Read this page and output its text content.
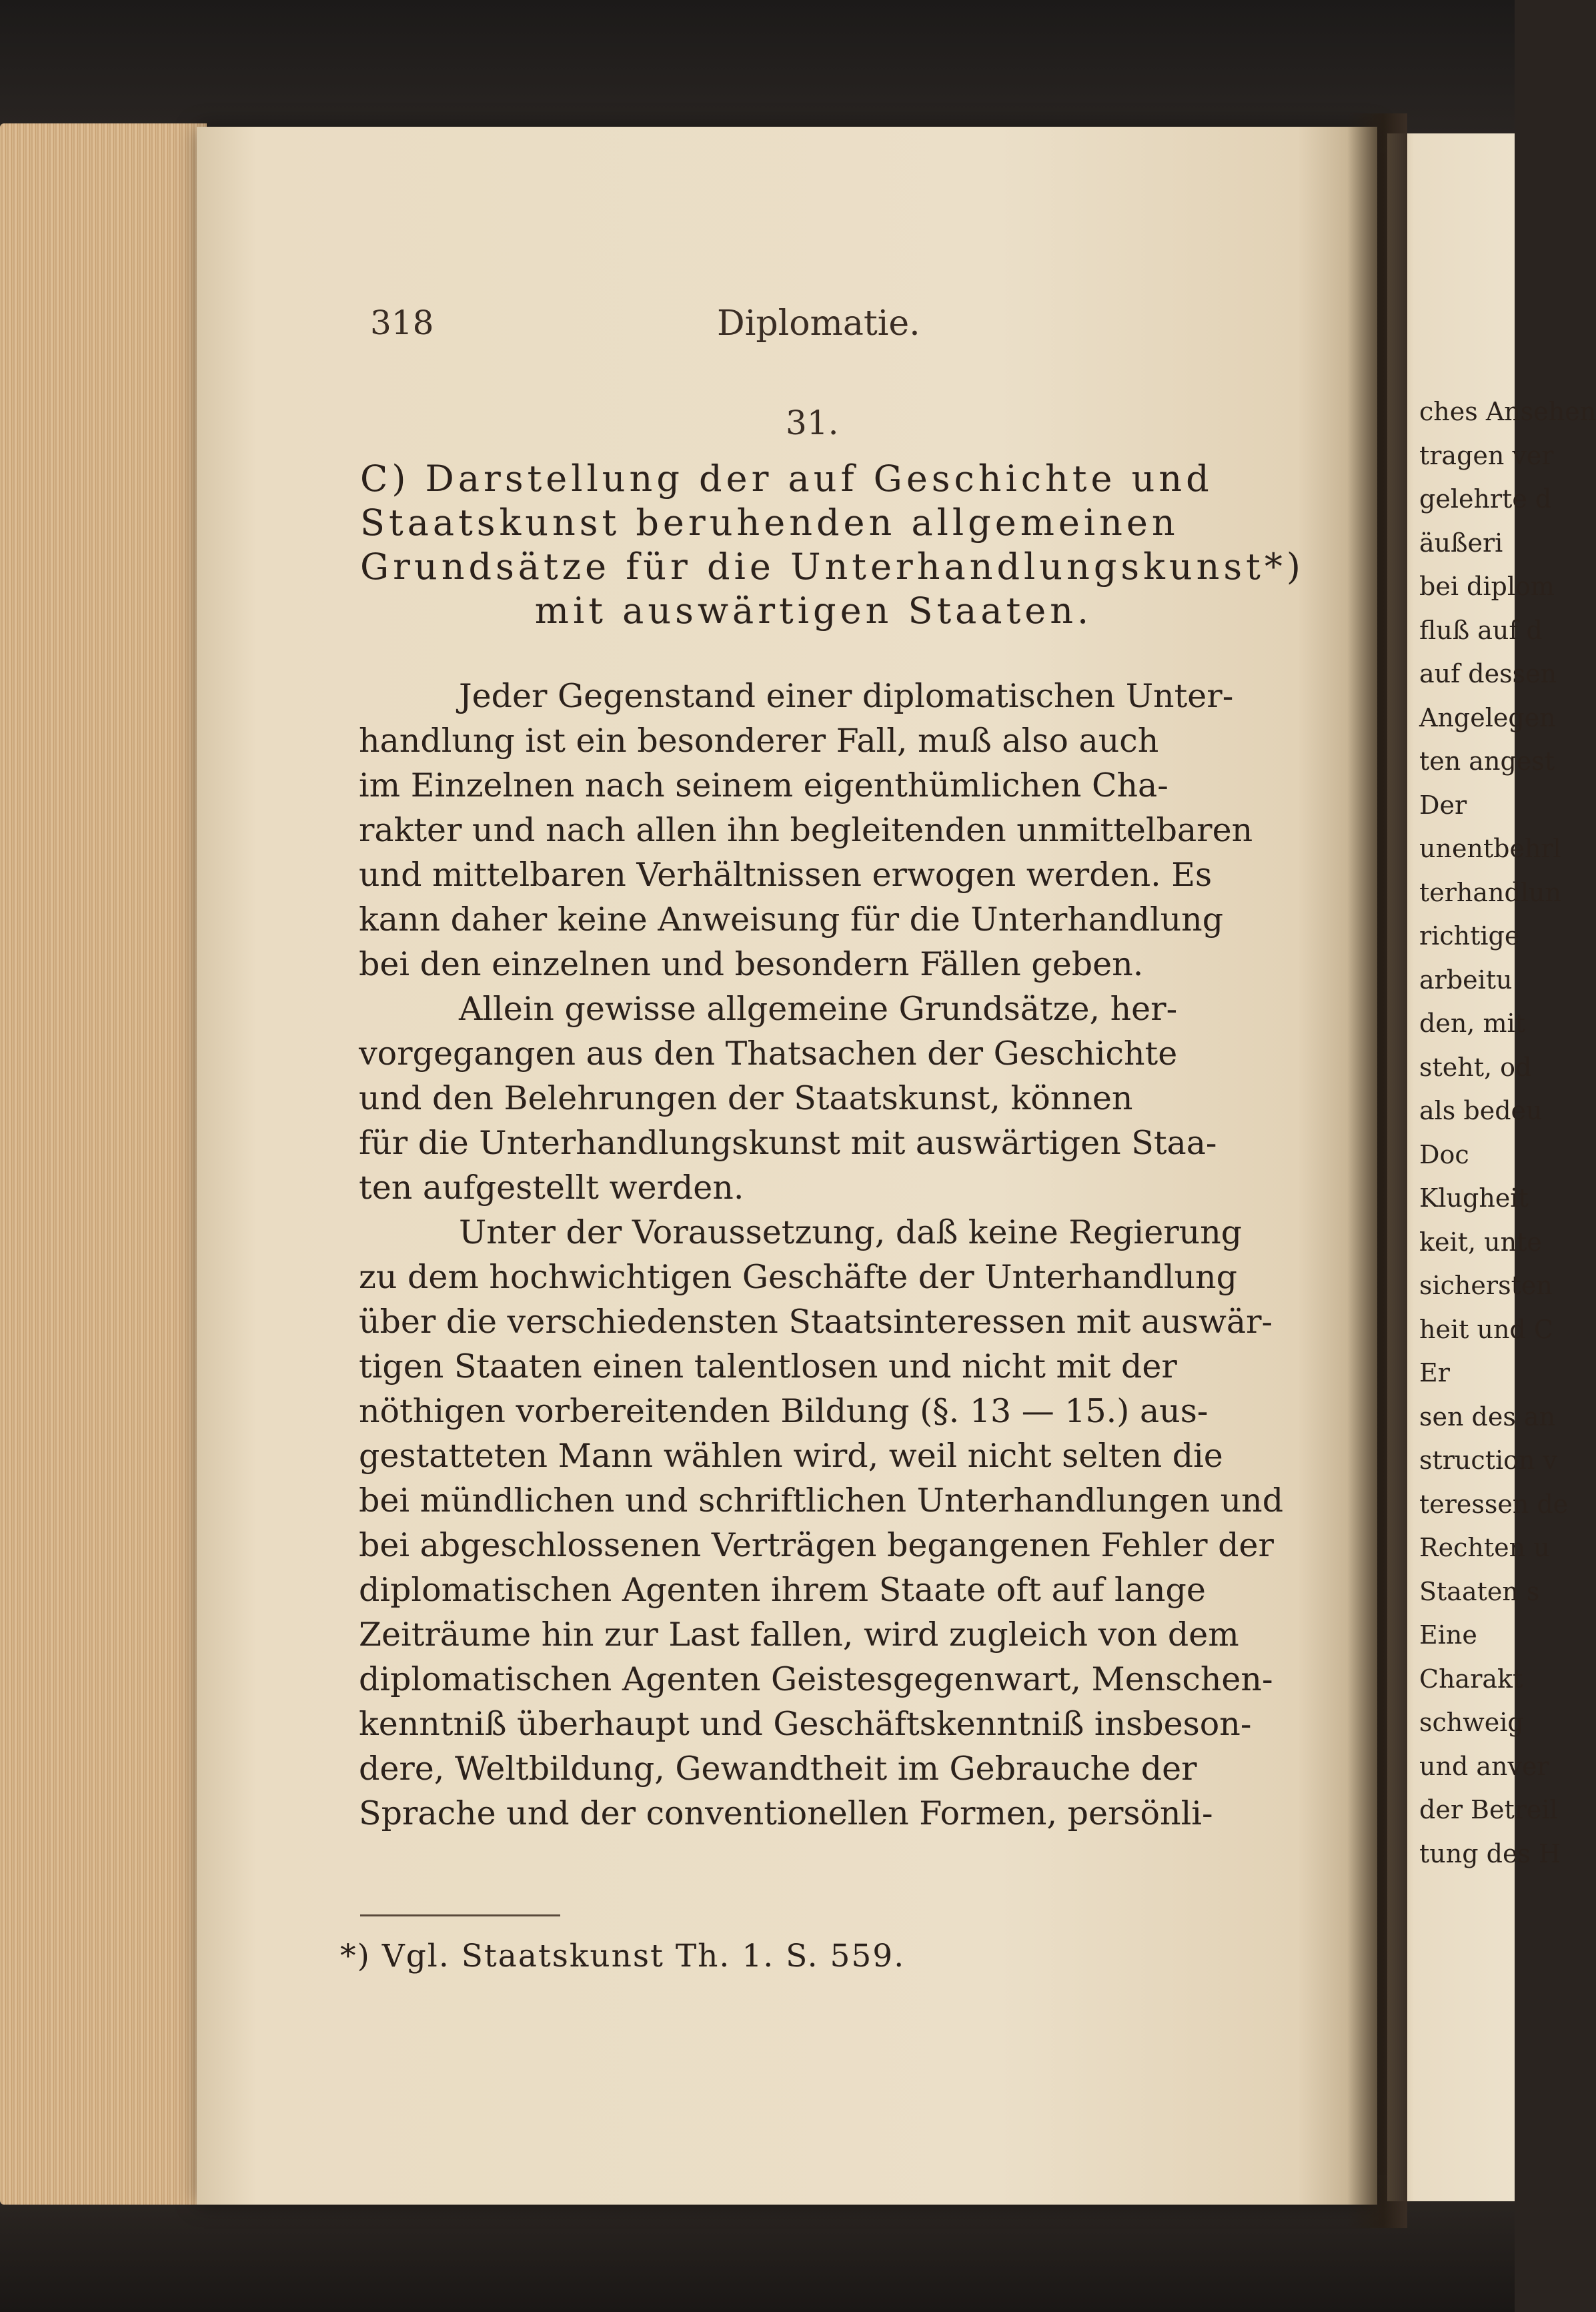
318	Diplomatie.
31.
C) Darstellung der auf Geschichte und
Staatskunst beruhenden allgemeinen
Grundsätze für die Unterhandlungskunst*)
mit auswärtigen Staaten.
Jeder Gegenstand einer diplomatischen Unter-
handlung ist ein besonderer Fall, muß also auch
im Einzelnen nach seinem eigenthümlichen Cha-
rakter und nach allen ihn begleitenden unmittelbaren
und mittelbaren Verhältnissen erwogen werden. Es
kann daher keine Anweisung für die Unterhandlung
bei den einzelnen und besondern Fällen geben.
Allein gewisse allgemeine Grundsätze, her-
vorgegangen aus den Thatsachen der Geschichte
und den Belehrungen der Staatskunst, können
für die Unterhandlungskunst mit auswärtigen Staa-
ten aufgestellt werden.
Unter der Voraussetzung, daß keine Regierung
zu dem hochwichtigen Geschäfte der Unterhandlung
über die verschiedensten Staatsinteressen mit auswär-
tigen Staaten einen talentlosen und nicht mit der
nöthigen vorbereitenden Bildung (§. 13 — 15.) aus-
gestatteten Mann wählen wird, weil nicht selten die
bei mündlichen und schriftlichen Unterhandlungen und
bei abgeschlossenen Verträgen begangenen Fehler der
diplomatischen Agenten ihrem Staate oft auf lange
Zeiträume hin zur Last fallen, wird zugleich von dem
diplomatischen Agenten Geistesgegenwart, Menschen-
kenntniß überhaupt und Geschäftskenntniß insbeson-
dere, Weltbildung, Gewandtheit im Gebrauche der
Sprache und der conventionellen Formen, persönli-
*) Vgl. Staatskunst Th. 1. S. 559.
ches Ansehen
tragen ver
gelehrte d
äußeri
bei diplom
fluß auf d
auf dessen
Angelegen
ten angest
Der
unentbehrl
terhandlun
richtige
arbeitu
den, mit
steht, od
als bedeu
Doc
Klugheit
keit, unte
sichersten
heit und C
Er
sen des an
struction v
teressen de
Rechten u
Staaten s
Eine
Charakt
schweig
und anver
der Betreil
tung des H
